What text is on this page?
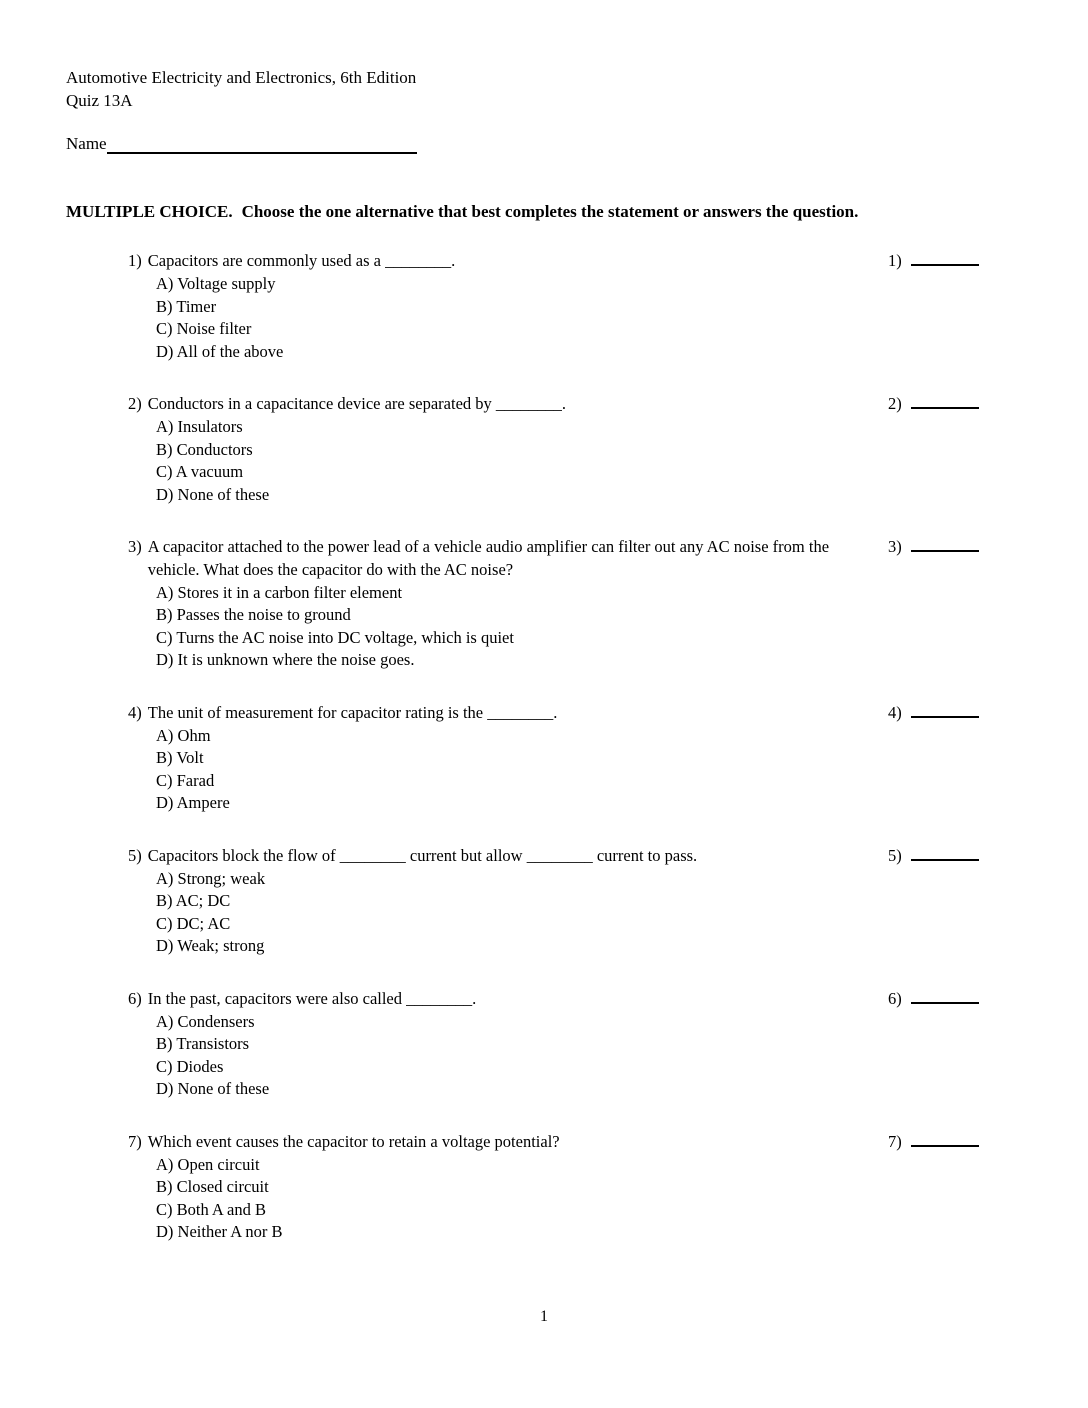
Automotive Electricity and Electronics, 6th Edition
Quiz 13A
Name
MULTIPLE CHOICE. Choose the one alternative that best completes the statement or answers the question.
1) Capacitors are commonly used as a ________.
A) Voltage supply
B) Timer
C) Noise filter
D) All of the above
1)
2) Conductors in a capacitance device are separated by ________.
A) Insulators
B) Conductors
C) A vacuum
D) None of these
2)
3) A capacitor attached to the power lead of a vehicle audio amplifier can filter out any AC noise from the vehicle. What does the capacitor do with the AC noise?
A) Stores it in a carbon filter element
B) Passes the noise to ground
C) Turns the AC noise into DC voltage, which is quiet
D) It is unknown where the noise goes.
3)
4) The unit of measurement for capacitor rating is the ________.
A) Ohm
B) Volt
C) Farad
D) Ampere
4)
5) Capacitors block the flow of ________ current but allow ________ current to pass.
A) Strong; weak
B) AC; DC
C) DC; AC
D) Weak; strong
5)
6) In the past, capacitors were also called ________.
A) Condensers
B) Transistors
C) Diodes
D) None of these
6)
7) Which event causes the capacitor to retain a voltage potential?
A) Open circuit
B) Closed circuit
C) Both A and B
D) Neither A nor B
7)
1
